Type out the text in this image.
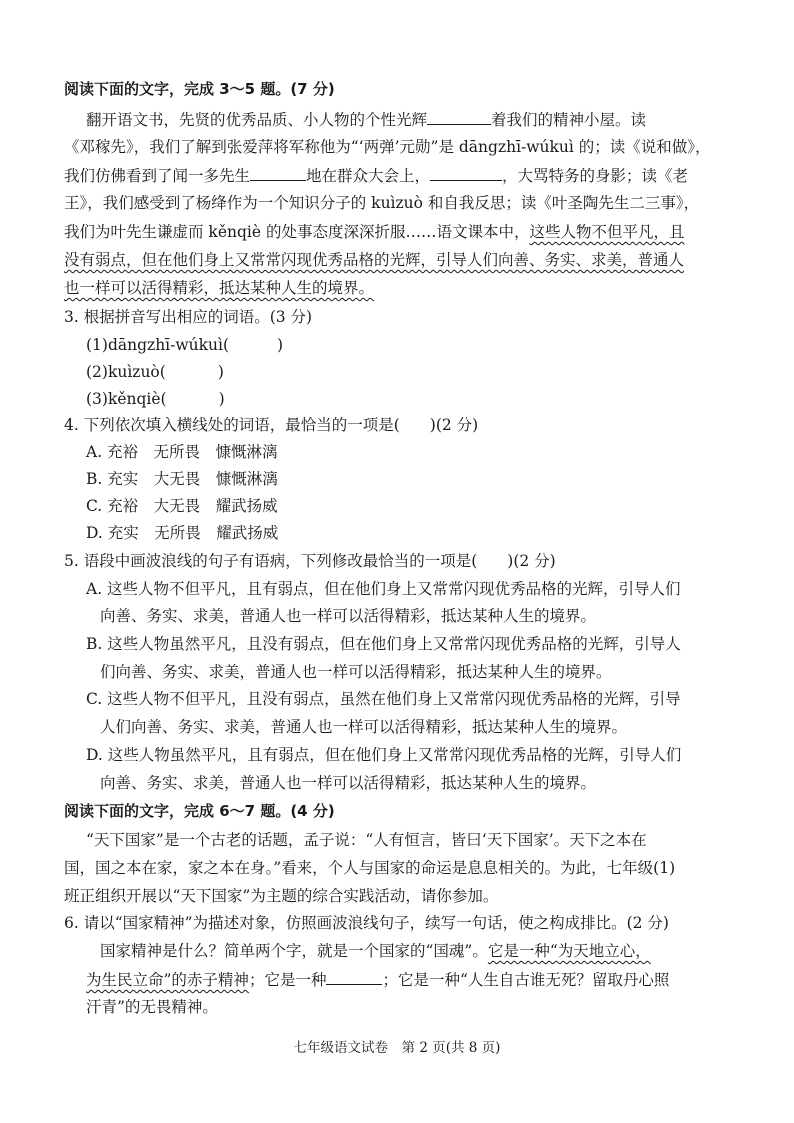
阅读下面的文字，完成 3～5 题。(7 分)
翻开语文书，先贤的优秀品质、小人物的个性光辉	着我们的精神小屋。读
《邓稼先》，我们了解到张爱萍将军称他为“‘两弹’元勋”是 dāngzhī-wúkuì 的；读《说和做》，
我们仿佛看到了闻一多先生	地在群众大会上，	，大骂特务的身影；读《老
王》，我们感受到了杨绛作为一个知识分子的 kuìzuò 和自我反思；读《叶圣陶先生二三事》，
我们为叶先生谦虚而 kěnqiè 的处事态度深深折服……语文课本中，这些人物不但平凡，且
没有弱点，但在他们身上又常常闪现优秀品格的光辉，引导人们向善、务实、求美，普通人
也一样可以活得精彩，抵达某种人生的境界。
3. 根据拼音写出相应的词语。(3 分)
(1)dāngzhī-wúkuì(	)
(2)kuìzuò(	)
(3)kěnqiè(	)
4. 下列依次填入横线处的词语，最恰当的一项是( )(2 分)
A. 充裕　无所畏　慷慨淋漓
B. 充实　大无畏　慷慨淋漓
C. 充裕　大无畏　耀武扬威
D. 充实　无所畏　耀武扬威
5. 语段中画波浪线的句子有语病，下列修改最恰当的一项是( )(2 分)
A. 这些人物不但平凡，且有弱点，但在他们身上又常常闪现优秀品格的光辉，引导人们
向善、务实、求美，普通人也一样可以活得精彩，抵达某种人生的境界。
B. 这些人物虽然平凡，且没有弱点，但在他们身上又常常闪现优秀品格的光辉，引导人
们向善、务实、求美，普通人也一样可以活得精彩，抵达某种人生的境界。
C. 这些人物不但平凡，且没有弱点，虽然在他们身上又常常闪现优秀品格的光辉，引导
人们向善、务实、求美，普通人也一样可以活得精彩，抵达某种人生的境界。
D. 这些人物虽然平凡，且有弱点，但在他们身上又常常闪现优秀品格的光辉，引导人们
向善、务实、求美，普通人也一样可以活得精彩，抵达某种人生的境界。
阅读下面的文字，完成 6～7 题。(4 分)
“天下国家”是一个古老的话题，孟子说：“人有恒言，皆曰‘天下国家’。天下之本在
国，国之本在家，家之本在身。”看来，个人与国家的命运是息息相关的。为此，七年级(1)
班正组织开展以“天下国家”为主题的综合实践活动，请你参加。
6. 请以“国家精神”为描述对象，仿照画波浪线句子，续写一句话，使之构成排比。(2 分)
国家精神是什么？简单两个字，就是一个国家的“国魂”。它是一种“为天地立心，
为生民立命”的赤子精神；它是一种	；它是一种“人生自古谁无死？留取丹心照
汗青”的无畏精神。
七年级语文试卷　第 2 页(共 8 页)
